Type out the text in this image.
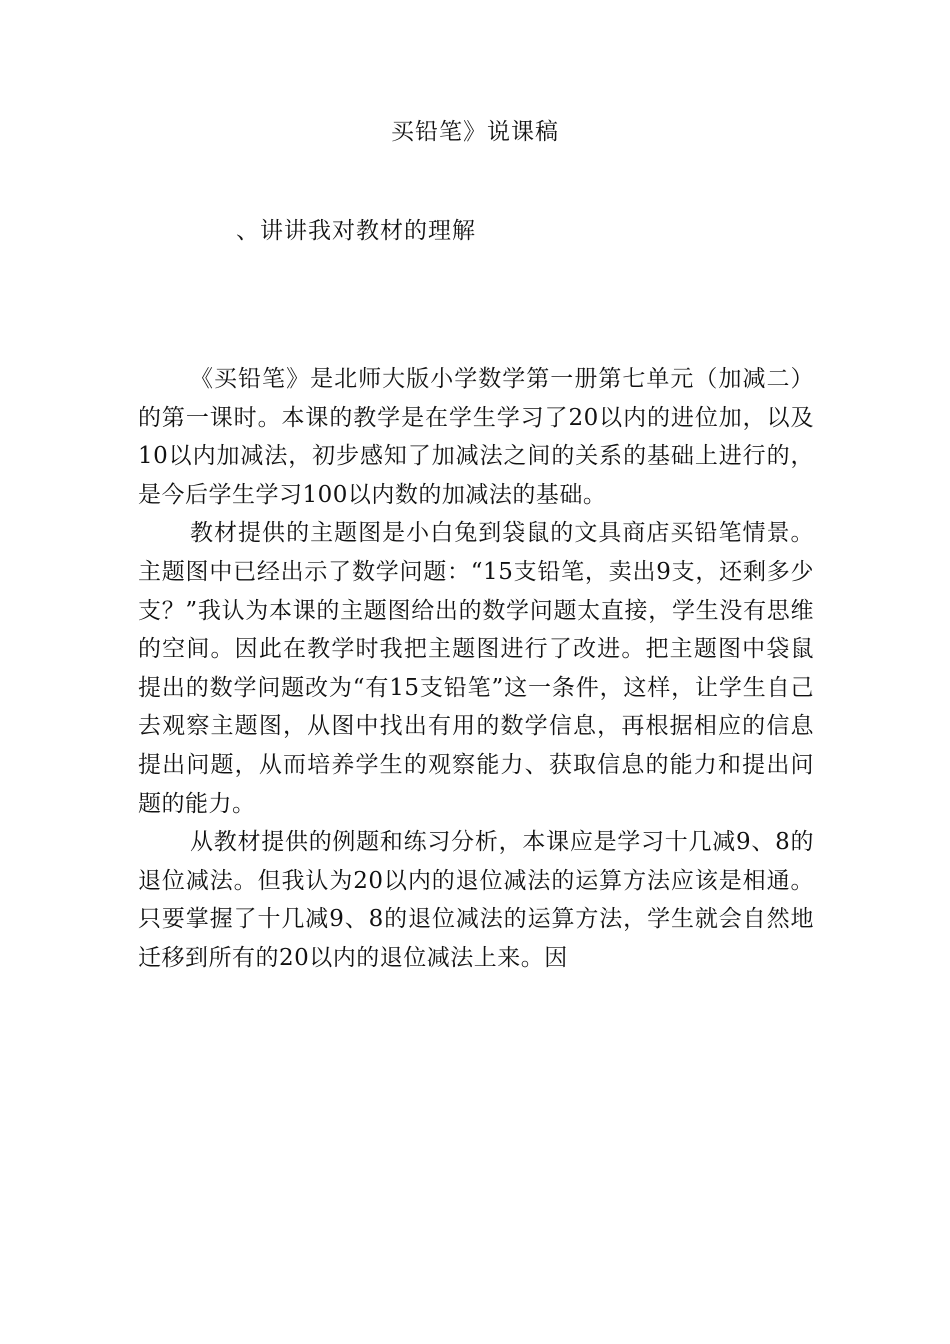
买铅笔》说课稿
、讲讲我对教材的理解

《买铅笔》是北师大版小学数学第一册第七单元（加减二）的第一课时。本课的教学是在学生学习了20以内的进位加，以及10以内加减法，初步感知了加减法之间的关系的基础上进行的，是今后学生学习100以内数的加减法的基础。

教材提供的主题图是小白兔到袋鼠的文具商店买铅笔情景。主题图中已经出示了数学问题：“15支铅笔，卖出9支，还剩多少支？”我认为本课的主题图给出的数学问题太直接，学生没有思维的空间。因此在教学时我把主题图进行了改进。把主题图中袋鼠提出的数学问题改为“有15支铅笔”这一条件，这样，让学生自己去观察主题图，从图中找出有用的数学信息，再根据相应的信息提出问题，从而培养学生的观察能力、获取信息的能力和提出问题的能力。

从教材提供的例题和练习分析，本课应是学习十几减9、8的退位减法。但我认为20以内的退位减法的运算方法应该是相通。只要掌握了十几减9、8的退位减法的运算方法，学生就会自然地迁移到所有的20以内的退位减法上来。因
